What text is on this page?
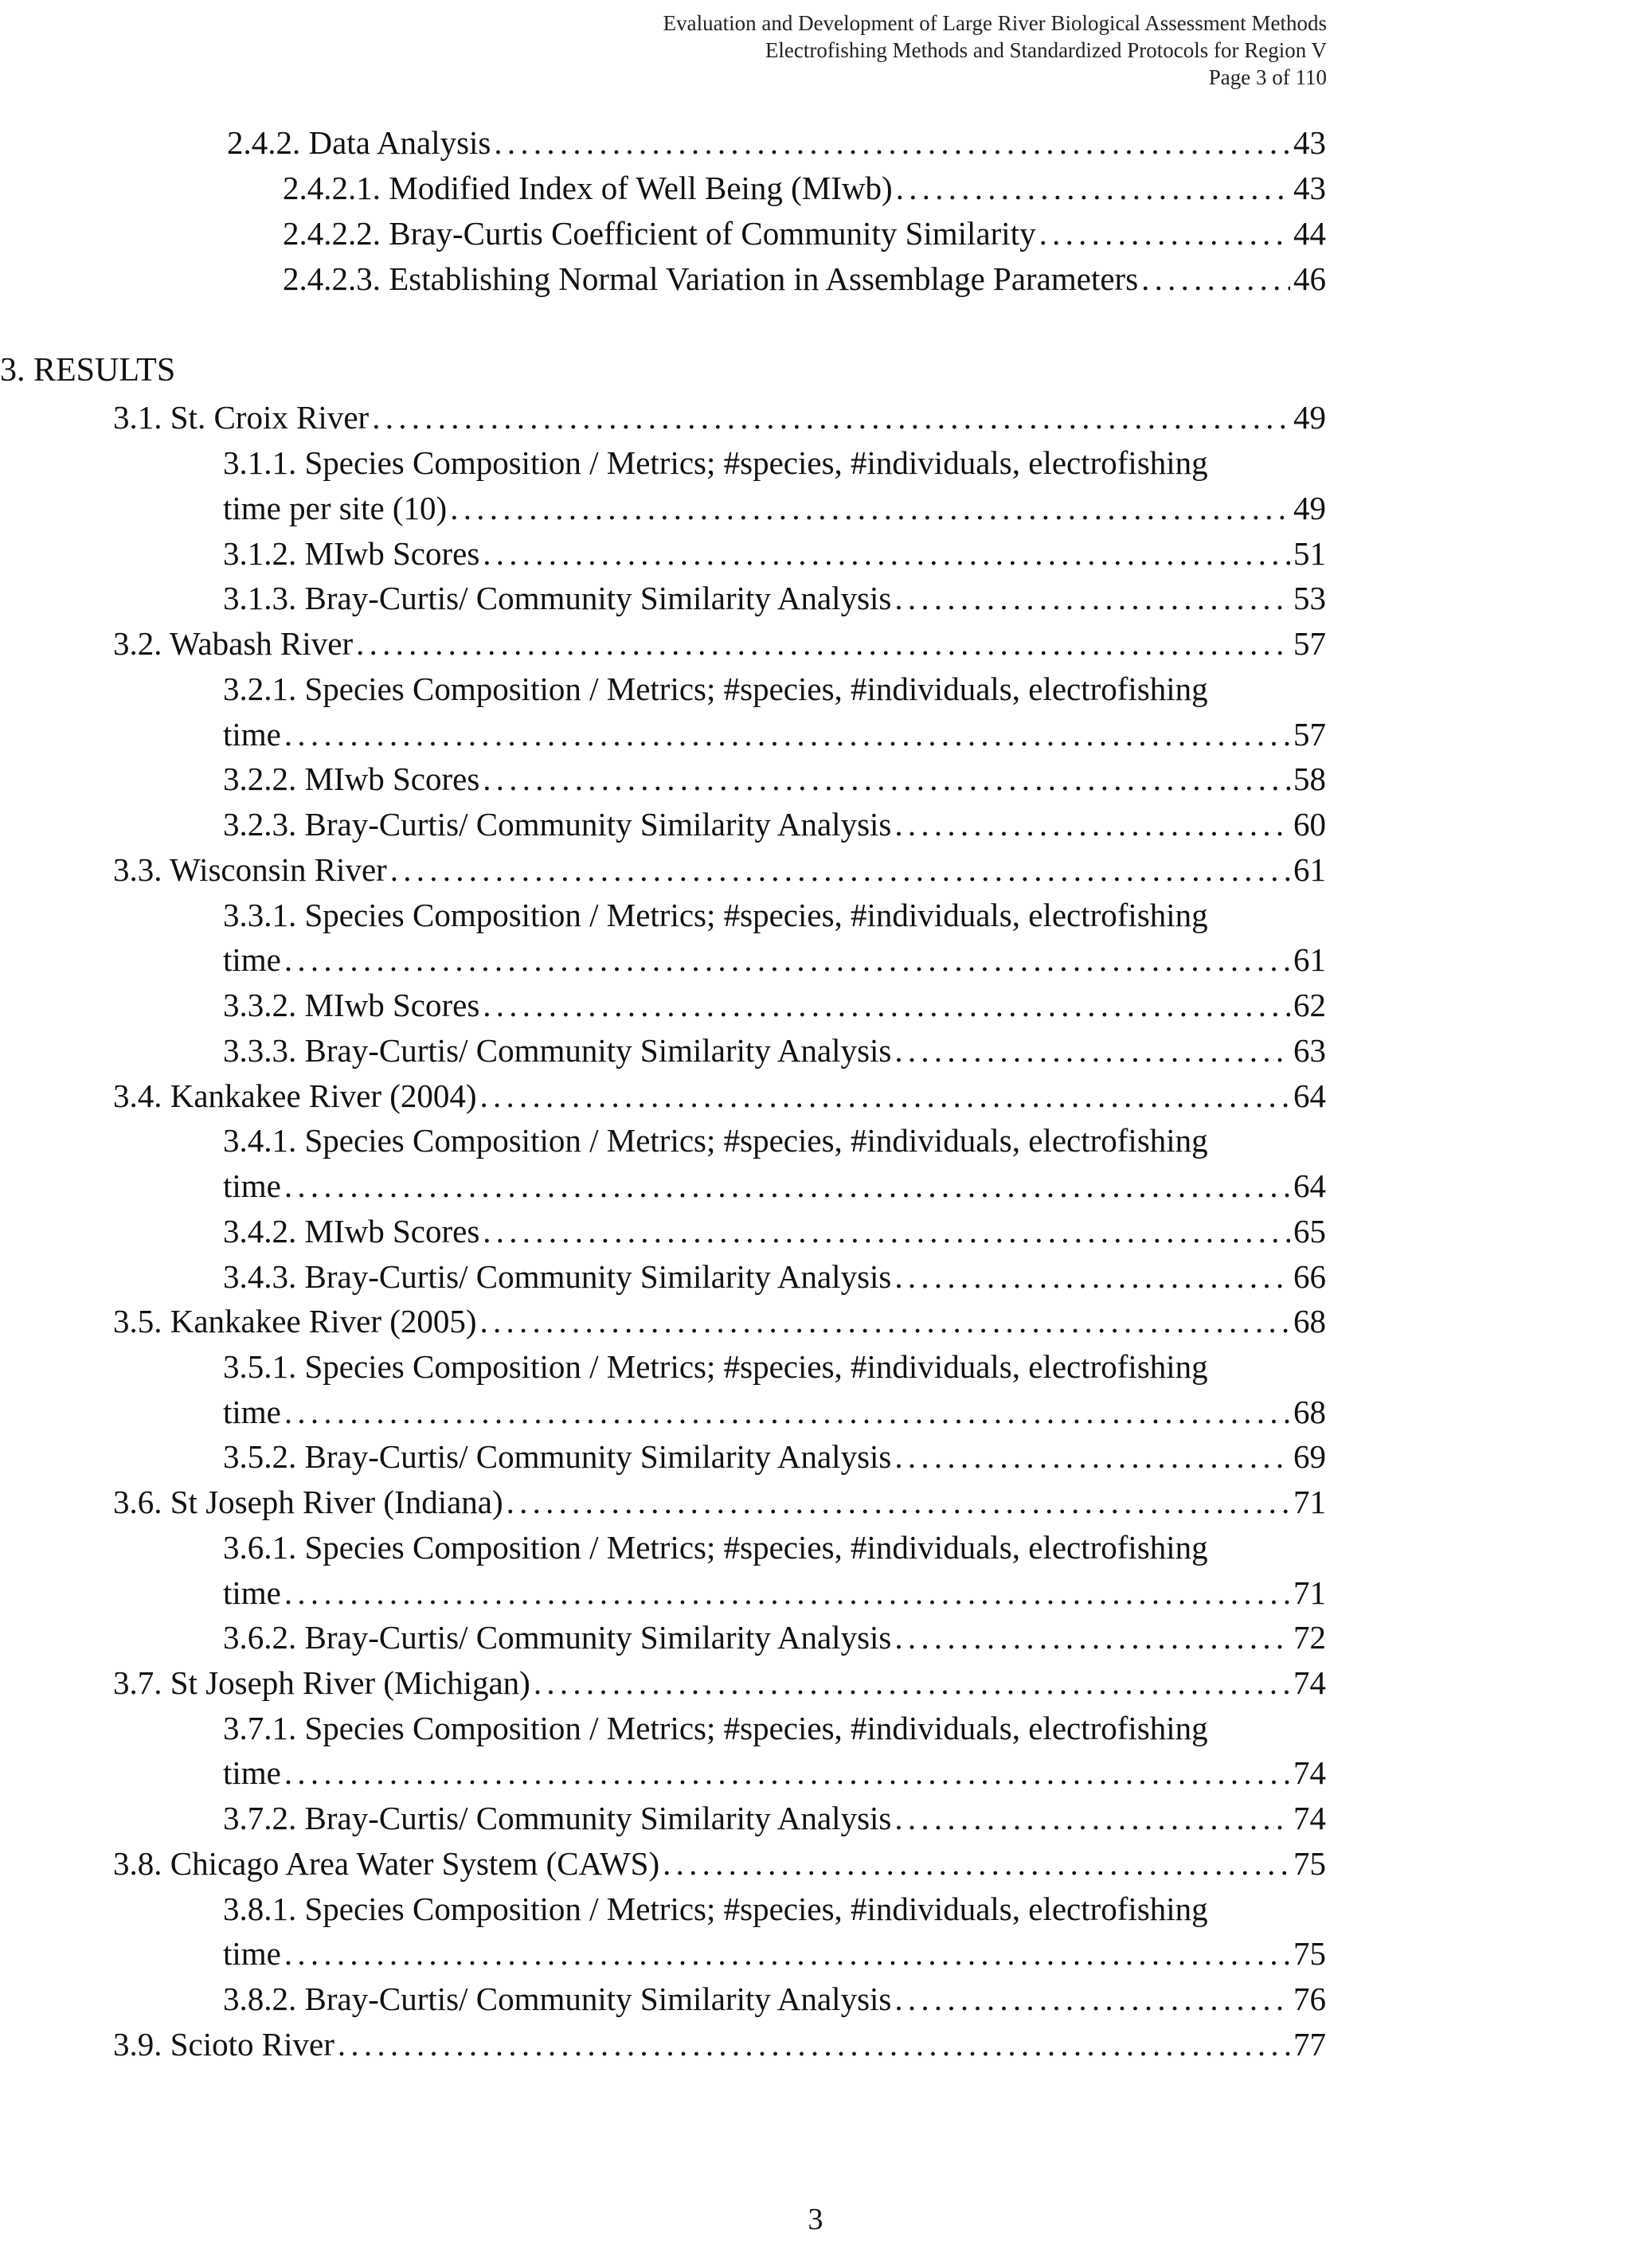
Evaluation and Development of Large River Biological Assessment Methods
Electrofishing Methods and Standardized Protocols for Region V
Page 3 of 110
2.4.2. Data Analysis . . .	43
2.4.2.1. Modified Index of Well Being (MIwb) . . .	43
2.4.2.2. Bray-Curtis Coefficient of Community Similarity . . .	44
2.4.2.3. Establishing Normal Variation in Assemblage Parameters . . .	46
3. RESULTS
3.1. St. Croix River . . .	49
3.1.1. Species Composition / Metrics; #species, #individuals, electrofishing
time per site (10) . . .	49
3.1.2. MIwb Scores . . .	51
3.1.3. Bray-Curtis/ Community Similarity Analysis . . .	53
3.2. Wabash River . . .	57
3.2.1. Species Composition / Metrics; #species, #individuals, electrofishing
time . . .	57
3.2.2. MIwb Scores . . .	58
3.2.3. Bray-Curtis/ Community Similarity Analysis . . .	60
3.3. Wisconsin River . . .	61
3.3.1. Species Composition / Metrics; #species, #individuals, electrofishing
time . . .	61
3.3.2. MIwb Scores . . .	62
3.3.3. Bray-Curtis/ Community Similarity Analysis . . .	63
3.4. Kankakee River (2004) . . .	64
3.4.1. Species Composition / Metrics; #species, #individuals, electrofishing
time . . .	64
3.4.2. MIwb Scores . . .	65
3.4.3. Bray-Curtis/ Community Similarity Analysis . . .	66
3.5. Kankakee River (2005) . . .	68
3.5.1. Species Composition / Metrics; #species, #individuals, electrofishing
time . . .	68
3.5.2. Bray-Curtis/ Community Similarity Analysis . . .	69
3.6. St Joseph River (Indiana) . . .	71
3.6.1. Species Composition / Metrics; #species, #individuals, electrofishing
time . . .	71
3.6.2. Bray-Curtis/ Community Similarity Analysis . . .	72
3.7. St Joseph River (Michigan) . . .	74
3.7.1. Species Composition / Metrics; #species, #individuals, electrofishing
time . . .	74
3.7.2. Bray-Curtis/ Community Similarity Analysis . . .	74
3.8. Chicago Area Water System (CAWS) . . .	75
3.8.1. Species Composition / Metrics; #species, #individuals, electrofishing
time . . .	75
3.8.2. Bray-Curtis/ Community Similarity Analysis . . .	76
3.9. Scioto River . . .	77
3
